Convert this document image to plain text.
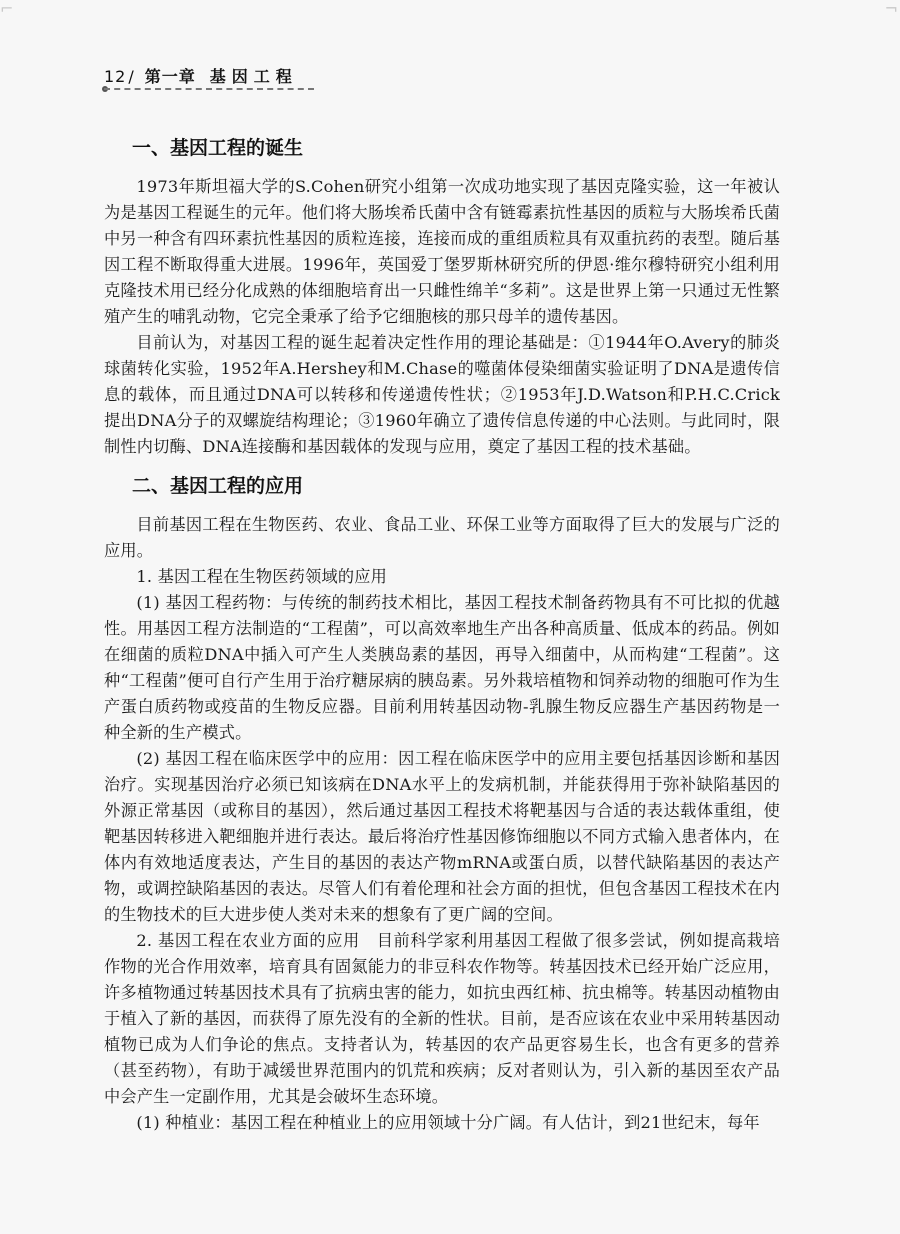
⌐	¬
12 / 第一章 基因工程
一、基因工程的诞生

1973年斯坦福大学的S.Cohen研究小组第一次成功地实现了基因克隆实验，这一年被认为是基因工程诞生的元年。他们将大肠埃希氏菌中含有链霉素抗性基因的质粒与大肠埃希氏菌中另一种含有四环素抗性基因的质粒连接，连接而成的重组质粒具有双重抗药的表型。随后基因工程不断取得重大进展。1996年，英国爱丁堡罗斯林研究所的伊恩·维尔穆特研究小组利用克隆技术用已经分化成熟的体细胞培育出一只雌性绵羊“多莉”。这是世界上第一只通过无性繁殖产生的哺乳动物，它完全秉承了给予它细胞核的那只母羊的遗传基因。

目前认为，对基因工程的诞生起着决定性作用的理论基础是：①1944年O.Avery的肺炎球菌转化实验，1952年A.Hershey和M.Chase的噬菌体侵染细菌实验证明了DNA是遗传信息的载体，而且通过DNA可以转移和传递遗传性状；②1953年J.D.Watson和P.H.C.Crick提出DNA分子的双螺旋结构理论；③1960年确立了遗传信息传递的中心法则。与此同时，限制性内切酶、DNA连接酶和基因载体的发现与应用，奠定了基因工程的技术基础。

二、基因工程的应用

目前基因工程在生物医药、农业、食品工业、环保工业等方面取得了巨大的发展与广泛的应用。

1. 基因工程在生物医药领域的应用

(1) 基因工程药物：与传统的制药技术相比，基因工程技术制备药物具有不可比拟的优越性。用基因工程方法制造的“工程菌”，可以高效率地生产出各种高质量、低成本的药品。例如在细菌的质粒DNA中插入可产生人类胰岛素的基因，再导入细菌中，从而构建“工程菌”。这种“工程菌”便可自行产生用于治疗糖尿病的胰岛素。另外栽培植物和饲养动物的细胞可作为生产蛋白质药物或疫苗的生物反应器。目前利用转基因动物-乳腺生物反应器生产基因药物是一种全新的生产模式。

(2) 基因工程在临床医学中的应用：因工程在临床医学中的应用主要包括基因诊断和基因治疗。实现基因治疗必须已知该病在DNA水平上的发病机制，并能获得用于弥补缺陷基因的外源正常基因（或称目的基因），然后通过基因工程技术将靶基因与合适的表达载体重组，使靶基因转移进入靶细胞并进行表达。最后将治疗性基因修饰细胞以不同方式输入患者体内，在体内有效地适度表达，产生目的基因的表达产物mRNA或蛋白质，以替代缺陷基因的表达产物，或调控缺陷基因的表达。尽管人们有着伦理和社会方面的担忧，但包含基因工程技术在内的生物技术的巨大进步使人类对未来的想象有了更广阔的空间。

2. 基因工程在农业方面的应用　目前科学家利用基因工程做了很多尝试，例如提高栽培作物的光合作用效率，培育具有固氮能力的非豆科农作物等。转基因技术已经开始广泛应用，许多植物通过转基因技术具有了抗病虫害的能力，如抗虫西红柿、抗虫棉等。转基因动植物由于植入了新的基因，而获得了原先没有的全新的性状。目前，是否应该在农业中采用转基因动植物已成为人们争论的焦点。支持者认为，转基因的农产品更容易生长，也含有更多的营养（甚至药物），有助于减缓世界范围内的饥荒和疾病；反对者则认为，引入新的基因至农产品中会产生一定副作用，尤其是会破坏生态环境。

(1) 种植业：基因工程在种植业上的应用领域十分广阔。有人估计，到21世纪末，每年
